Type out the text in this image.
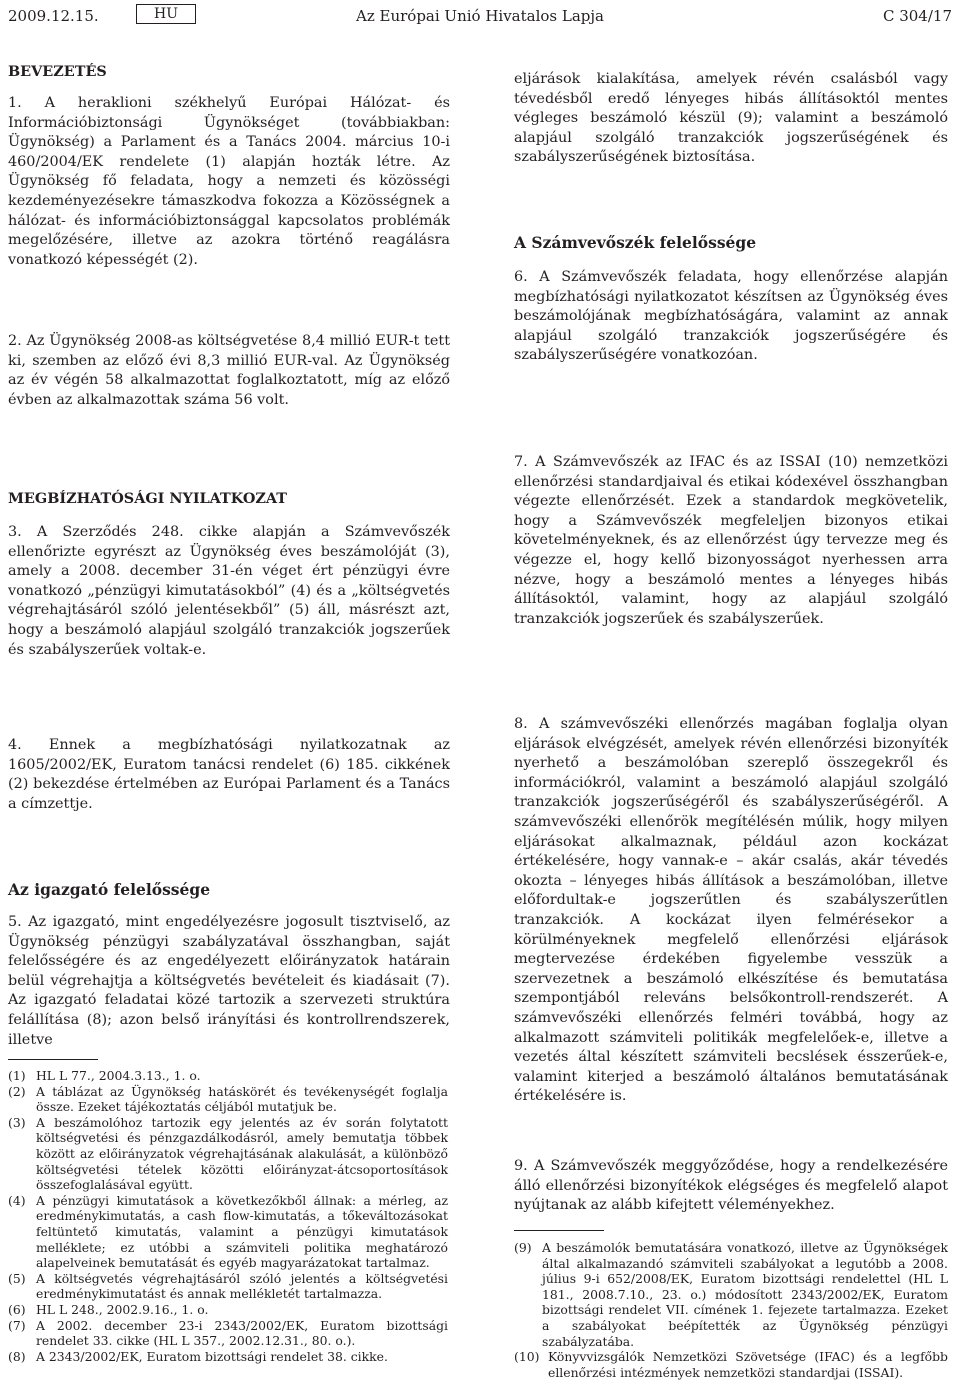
2009.12.15.	Az Európai Unió Hivatalos Lapja
HU	C 304/17
BEVEZETÉS

1. A heraklioni székhelyű Európai Hálózat- és Információbiztonsági Ügynökséget (továbbiakban: Ügynökség) a Parlament és a Tanács 2004. március 10-i 460/2004/EK rendelete (1) alapján hozták létre. Az Ügynökség fő feladata, hogy a nemzeti és közösségi kezdeményezésekre támaszkodva fokozza a Közösségnek a hálózat- és információbiztonsággal kapcsolatos problémák megelőzésére, illetve az azokra történő reagálásra vonatkozó képességét (2).

2. Az Ügynökség 2008-as költségvetése 8,4 millió EUR-t tett ki, szemben az előző évi 8,3 millió EUR-val. Az Ügynökség az év végén 58 alkalmazottat foglalkoztatott, míg az előző évben az alkalmazottak száma 56 volt.

MEGBÍZHATÓSÁGI NYILATKOZAT

3. A Szerződés 248. cikke alapján a Számvevőszék ellenőrizte egyrészt az Ügynökség éves beszámolóját (3), amely a 2008. december 31-én véget ért pénzügyi évre vonatkozó „pénzügyi kimutatásokból” (4) és a „költségvetés végrehajtásáról szóló jelentésekből” (5) áll, másrészt azt, hogy a beszámoló alapjául szolgáló tranzakciók jogszerűek és szabályszerűek voltak-e.

4. Ennek a megbízhatósági nyilatkozatnak az 1605/2002/EK, Euratom tanácsi rendelet (6) 185. cikkének (2) bekezdése értelmében az Európai Parlament és a Tanács a címzettje.

Az igazgató felelőssége

5. Az igazgató, mint engedélyezésre jogosult tisztviselő, az Ügynökség pénzügyi szabályzatával összhangban, saját felelősségére és az engedélyezett előirányzatok határain belül végrehajtja a költségvetés bevételeit és kiadásait (7). Az igazgató feladatai közé tartozik a szervezeti struktúra felállítása (8); azon belső irányítási és kontrollrendszerek, illetve

eljárások kialakítása, amelyek révén csalásból vagy tévedésből eredő lényeges hibás állításoktól mentes végleges beszámoló készül (9); valamint a beszámoló alapjául szolgáló tranzakciók jogszerűségének és szabályszerűségének biztosítása.

A Számvevőszék felelőssége

6. A Számvevőszék feladata, hogy ellenőrzése alapján megbízhatósági nyilatkozatot készítsen az Ügynökség éves beszámolójának megbízhatóságára, valamint az annak alapjául szolgáló tranzakciók jogszerűségére és szabályszerűségére vonatkozóan.

7. A Számvevőszék az IFAC és az ISSAI (10) nemzetközi ellenőrzési standardjaival és etikai kódexével összhangban végezte ellenőrzését. Ezek a standardok megkövetelik, hogy a Számvevőszék megfeleljen bizonyos etikai követelményeknek, és az ellenőrzést úgy tervezze meg és végezze el, hogy kellő bizonyosságot nyerhessen arra nézve, hogy a beszámoló mentes a lényeges hibás állításoktól, valamint, hogy az alapjául szolgáló tranzakciók jogszerűek és szabályszerűek.

8. A számvevőszéki ellenőrzés magában foglalja olyan eljárások elvégzését, amelyek révén ellenőrzési bizonyíték nyerhető a beszámolóban szereplő összegekről és információkról, valamint a beszámoló alapjául szolgáló tranzakciók jogszerűségéről és szabályszerűségéről. A számvevőszéki ellenőrök megítélésén múlik, hogy milyen eljárásokat alkalmaznak, például azon kockázat értékelésére, hogy vannak-e – akár csalás, akár tévedés okozta – lényeges hibás állítások a beszámolóban, illetve előfordultak-e jogszerűtlen és szabályszerűtlen tranzakciók. A kockázat ilyen felmérésekor a körülményeknek megfelelő ellenőrzési eljárások megtervezése érdekében figyelembe vesszük a szervezetnek a beszámoló elkészítése és bemutatása szempontjából releváns belsőkontroll-rendszerét. A számvevőszéki ellenőrzés felméri továbbá, hogy az alkalmazott számviteli politikák megfelelőek-e, illetve a vezetés által készített számviteli becslések ésszerűek-e, valamint kiterjed a beszámoló általános bemutatásának értékelésére is.

9. A Számvevőszék meggyőződése, hogy a rendelkezésére álló ellenőrzési bizonyítékok elégséges és megfelelő alapot nyújtanak az alább kifejtett véleményekhez.

(1) HL L 77., 2004.3.13., 1. o.
(2) A táblázat az Ügynökség hatáskörét és tevékenységét foglalja össze. Ezeket tájékoztatás céljából mutatjuk be.
(3) A beszámolóhoz tartozik egy jelentés az év során folytatott költségvetési és pénzgazdálkodásról, amely bemutatja többek között az előirányzatok végrehajtásának alakulását, a különböző költségvetési tételek közötti előirányzat-átcsoportosítások összefoglalásával együtt.
(4) A pénzügyi kimutatások a következőkből állnak: a mérleg, az eredménykimutatás, a cash flow-kimutatás, a tőkeváltozásokat feltüntető kimutatás, valamint a pénzügyi kimutatások melléklete; ez utóbbi a számviteli politika meghatározó alapelveinek bemutatását és egyéb magyarázatokat tartalmaz.
(5) A költségvetés végrehajtásáról szóló jelentés a költségvetési eredménykimutatást és annak mellékletét tartalmazza.
(6) HL L 248., 2002.9.16., 1. o.
(7) A 2002. december 23-i 2343/2002/EK, Euratom bizottsági rendelet 33. cikke (HL L 357., 2002.12.31., 80. o.).
(8) A 2343/2002/EK, Euratom bizottsági rendelet 38. cikke.
(9) A beszámolók bemutatására vonatkozó, illetve az Ügynökségek által alkalmazandó számviteli szabályokat a legutóbb a 2008. július 9-i 652/2008/EK, Euratom bizottsági rendelettel (HL L 181., 2008.7.10., 23. o.) módosított 2343/2002/EK, Euratom bizottsági rendelet VII. címének 1. fejezete tartalmazza. Ezeket a szabályokat beépítették az Ügynökség pénzügyi szabályzatába.
(10) Könyvvizsgálók Nemzetközi Szövetsége (IFAC) és a legfőbb ellenőrzési intézmények nemzetközi standardjai (ISSAI).
